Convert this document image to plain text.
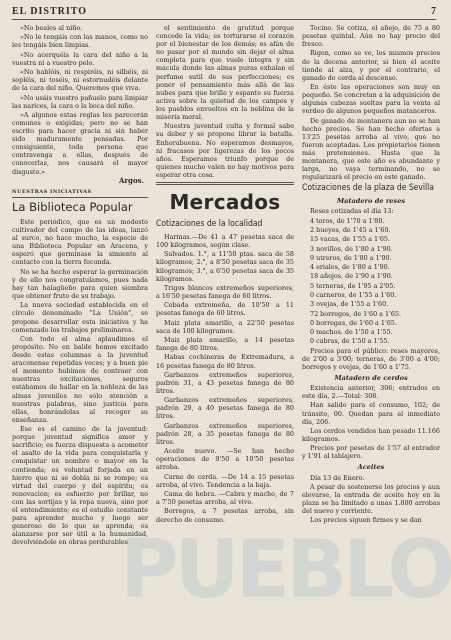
EL DISTRITO	7

«No beales al niño.

«No le tengáis con las manos, como no les tengáis bien limpias.

«No acerquéis la cara del niño a la vuestra ni a vuestro pelo.

«No hablóis, ni respiréis, ni silbéis, ni sopléis, ni toséis, ni estornudéis delante de la cara del niño. Queremos que viva.

«No usáis vuestro pañuelo para limpiar las narices, la cara o la boca del niño.

«A algunos estas reglas les parecerán comunes o exigidas; pero no se han escrito para hacer gracia ni sin haber sido maduramente pensadas. Por consiguiente, toda persona que contravenga a ellas, después de conocerlas, nos causará el mayor disgusto.»

Argos.
NUESTRAS INICIATIVAS
La Biblioteca Popular

Este periódico, que es un modesto cultivador del campo de las ideas, lanzó al surco, no hace mucho, la especie de una Biblioteca Popular en Aracena, y esperó que germinase la simiente al contacto con la tierra fecunda.

No se ha hecho esperar la germinación y de ello nos congratulamos, pues nada hay tan halagüeño para quien siembra que obtener fruto de su trabajo.

La nueva sociedad establecida en el círculo denominado "La Unión", se propone desarrollar esta iniciativa y ha comenzado los trabajos preliminares.

Con todo el alma aplaudimos el propósito. No en balde hemos excitado desde estas columnas a la juventud aracenense repetidas veces; y a buen pie el momento hubimos de contraer con nuestras excitaciones, seguros estábamos de hallar en la nobleza de las almas juveniles no sólo atención a nuestras palabras, sino justicia para ellas, honrándolas al recoger su enseñanza.

Ese es el camino de la juventud: porque juventud significa amor y sacrificio; es fuerza dispuesta a acometer el asalto de la vida para conquistarla y conquistar un nombre o mayor en la contienda; es voluntad forjada en un hierro que ni se dobla ni se rompe; es virtud del cuerpo y del espíritu; es renovación; es esfuerzo por brillar, no con las sortijas y la ropa nueva, sino por el entendimiento; es el estudio constante para aprender mucho y luego ser generoso de lo que se aprenda; es alanzarse por ser útil a la humanidad, devolviéndole en obras perdurables

el sentimiento de gratitud porque concede la vida; es torturarse el corazón por el bienestar de los demás; es afán de no pasar por el mundo sin dejar el alma completa para que vuele íntegra y sin mácula donde las almas puras exhalan el perfume sutil de sus perfecciones; es poner el pensamiento más allá de las nubes para que brille y espante su fuerza activa sobre la quietud de los campos y los pueblos envueltos en la neblina de la miseria moral.

Nuestra juventud culta y formal sabe su deber y se propone librar la batalla. Enhorabuena. No esperamos desmayos, ni fracasos por ligerezas de los pocos años. Esperamos triunfo porque de quienes mucho valen no hay motivos para esperar otra cosa.

Mercados
Cotizaciones de la localidad

Harinas.—De 41 a 47 pesetas saca de 100 kilogramos, según clase.

Salvados. 1.°, a 11'50 ptas. saca de 58 kilogramos; 2.°, a 8'50 pesetas saca de 35 kilogramos; 3.°, a 6'50 pesetas saca de 35 kilogramos.

Trigos blancos extremeños superiores, a 16'50 pesetas fanega de 60 litros.

Cebada extremeña, de 10'50 a 11 pesetas fanega de 60 litros.

Maiz plata amarillo, a 22'50 pesetas saca de 100 kilogramos.

Maiz plata amarillo, a 14 pesetas fanega de 80 litros.

Habas cochineras de Extremadura, a 16 pesetas fanega de 80 litros.

Garbanzos extremeños superiores, padrón 31, a 43 pesetas fanega de 80 litros.

Garbanzos extremeños superiores, padrón 29, a 40 pesetas fanega de 80 litros.

Garbanzos extremeños superiores, padrón 28, a 35 pesetas fanega de 80 litros.

Aceite nuevo. —Se han hecho operaciones de 9'50 a 10'50 pesetas arroba.

Carne de cerda. —De 14 a 15 pesetas arroba, al vivo. Tendencia a la baja.

Cama de hebra. —Cabra y macho, de 7 a 7'50 pesetas arroba, al vivo.

Borregos, a 7 pesetas arroba, sin derecho de consumo.

Tocino. Se cotiza, el añejo, de 75 a 80 pesetas quintal. Aún no hay precio del fresco.

Rigen, como se ve, los mismos precios de la decena anterior, si bien el aceite tiende al alza, y por el contrario, el ganado de cerda al descenso.

En éste las operaciones son muy en pequeño. Se concretan a la adquisición de algunas cabezas sueltas para la venta al verdeo de algunos pequeños matanceros.

De ganado de montanera aun no se han hecho precios. Se han hecho ofertas a 13'25 pesetas arroba al vivo, que no fueron aceptadas. Los propietarios tienen más pretensiones. Hasta que la montanera, que este año es abundante y larga, no vaya terminando, no se regularizará el precio en este ganado.

Cotizaciones de la plaza de Sevilla
Matadero de reses

Reses cotizadas el día 13:

4 toros, de 1'70 a 1'80.

2 bueyes, de 1'45 a 1'60.

15 vacas, de 1'55 a 1'65.

3 novillos, de 1'80 a 1'90.

9 utreros, de 1'80 a 1'90.

4 eriales, de 1'80 a 1'90.

18 añojos, de 1'90 a 1'90.

5 terneras, de 1'95 a 2'05.

0 carneros, de 1'55 a 1'60.

3 ovejas, de 1'55 a 1'60.

72 borregos, de 1'60 a 1'65.

0 borregas, de 1'60 a 1'65.

0 machos. de 1'50 a 1'55.

0 cabras, de 1'50 a 1'55.

Precios para el público: reses mayores, de 2'00 a 3'00; terneras, de 3'00 a 4'00; borregos y ovejas, de 1'60 a 1'75.

Matadero de cerdos

Existencia anterior, 306; entrados en este día, 2.—Total: 308.

Han salido para el consumo, 102; de tránsito, 00. Quedan para el inmediato día, 206.

Los cerdos vendidos han pesado 11.166 kilogramos.

Precios por pesetas de 1'57 al entrador y 1'91 al tablajero.

Aceites

Día 13 de Enero.

A pesar de sostenerse los precios y aun elevarse, la entrada de aceite hoy en la plaza se ha limitado a unas 1.800 arrobas del nuevo y corriente.

Los precios siguen firmes y se dan

PUEBLO
